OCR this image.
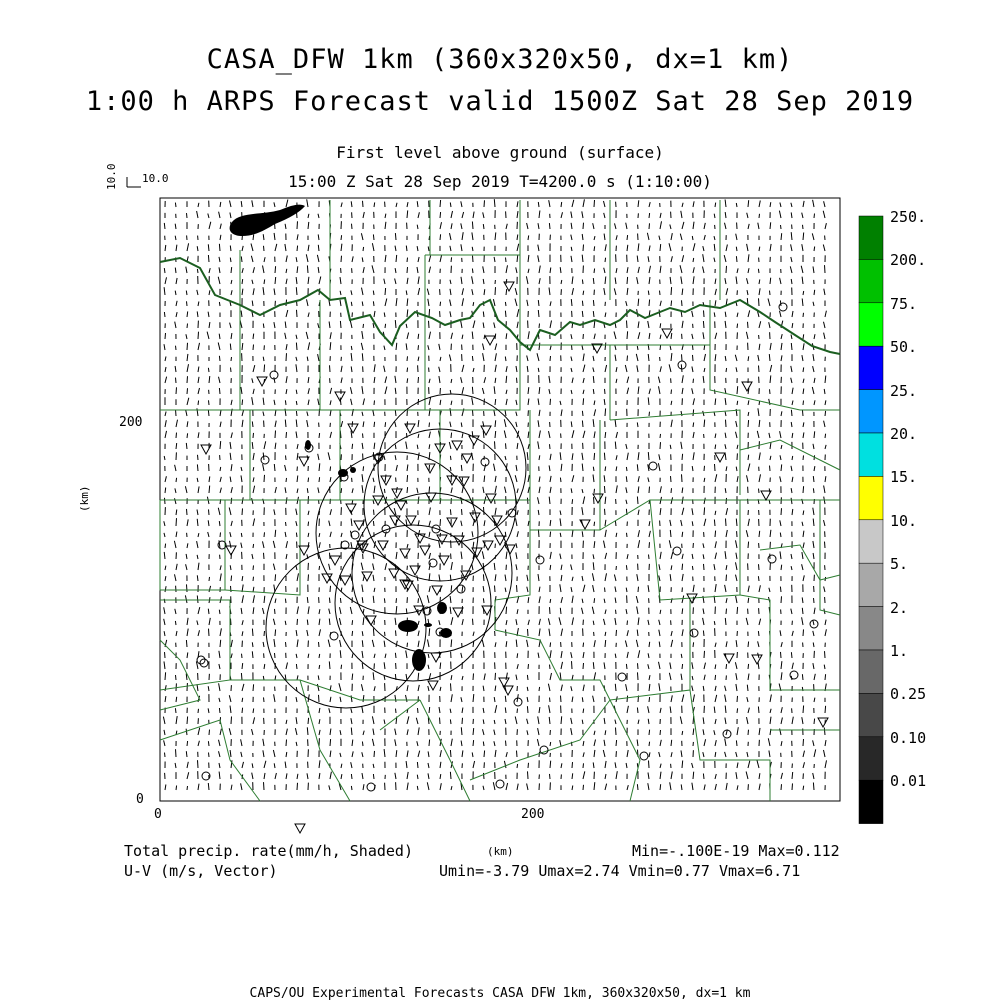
CASA_DFW 1km (360x320x50, dx=1 km)
1:00 h ARPS Forecast valid 1500Z Sat 28 Sep 2019
First level above ground (surface)
15:00 Z Sat 28 Sep 2019 T=4200.0 s (1:10:00)
10.0 10.0
(km)
(km)
200
0
0	200
250.
200.
75.
50.
25.
20.
15.
10.
5.
2.
1.
0.25
0.10
0.01
Total precip. rate(mm/h, Shaded)
U-V (m/s, Vector)
Min=-.100E-19 Max=0.112
Umin=-3.79 Umax=2.74 Vmin=0.77 Vmax=6.71
CAPS/OU Experimental Forecasts CASA DFW 1km, 360x320x50, dx=1 km
